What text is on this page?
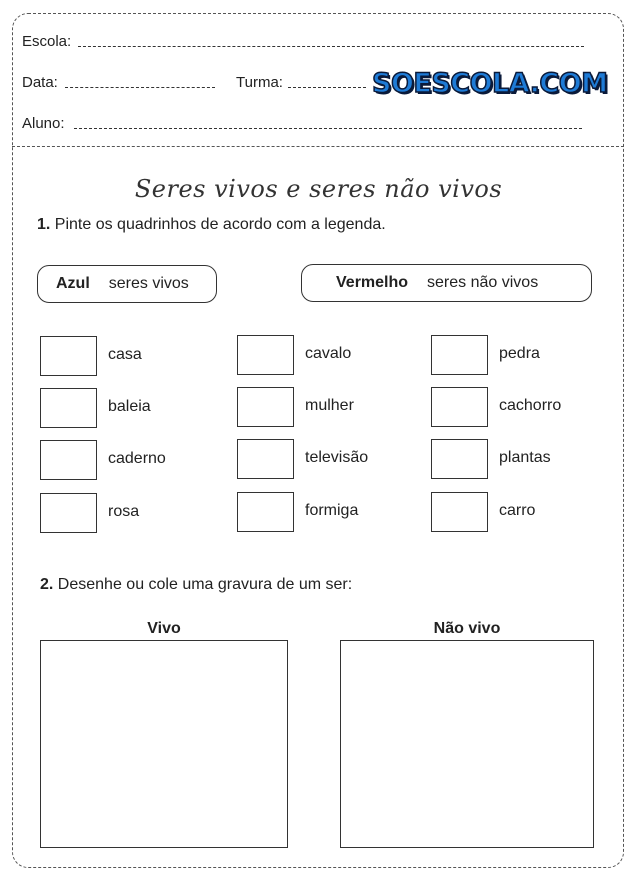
Escola:
Data:	Turma:	SOESCOLA.COM
Aluno:
Seres vivos e seres não vivos
1. Pinte os quadrinhos de acordo com a legenda.
Azul seres vivos	Vermelho seres não vivos
casa	cavalo	pedra
baleia	mulher	cachorro
caderno	televisão	plantas
rosa	formiga	carro
2. Desenhe ou cole uma gravura de um ser:
Vivo	Não vivo
